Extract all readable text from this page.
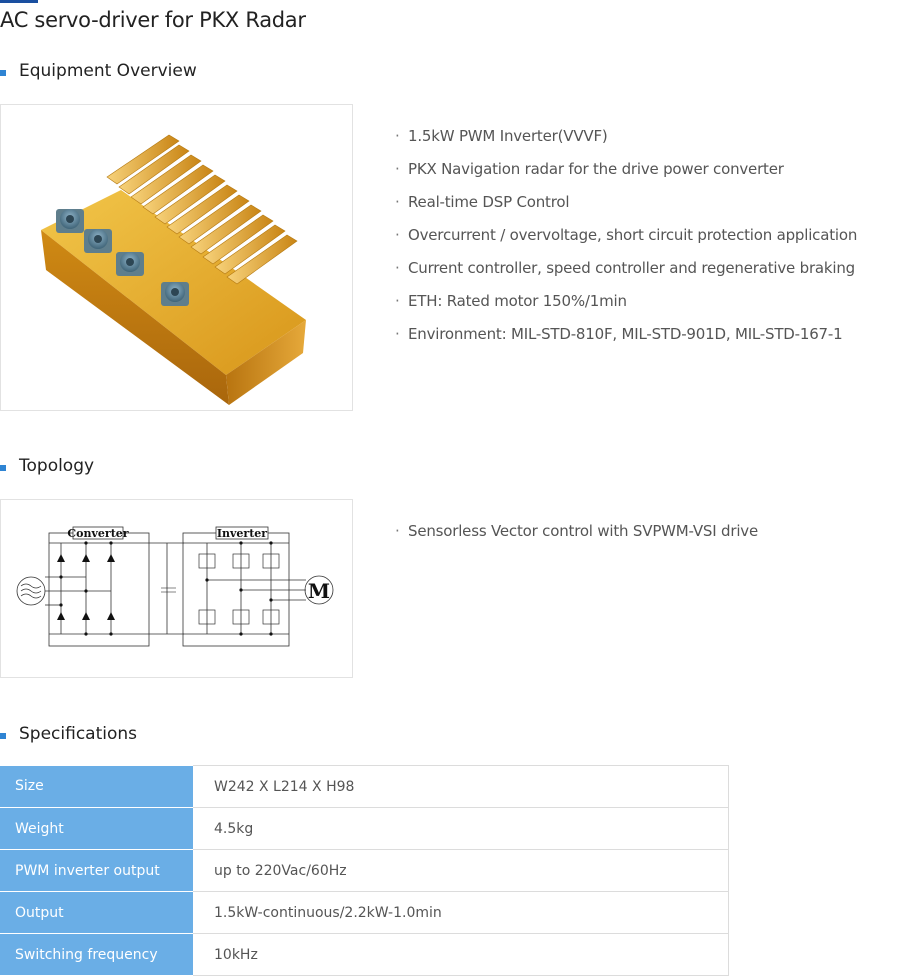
AC servo-driver for PKX Radar
Equipment Overview
· 1.5kW PWM Inverter(VVVF)
· PKX Navigation radar for the drive power converter
· Real-time DSP Control
· Overcurrent / overvoltage, short circuit protection application
· Current controller, speed controller and regenerative braking
· ETH: Rated motor 150%/1min
· Environment: MIL-STD-810F, MIL-STD-901D, MIL-STD-167-1
Topology
Converter	Inverter
M
· Sensorless Vector control with SVPWM-VSI drive
Specifications
Size	W242 X L214 X H98
Weight	4.5kg
PWM inverter output	up to 220Vac/60Hz
Output	1.5kW-continuous/2.2kW-1.0min
Switching frequency	10kHz
